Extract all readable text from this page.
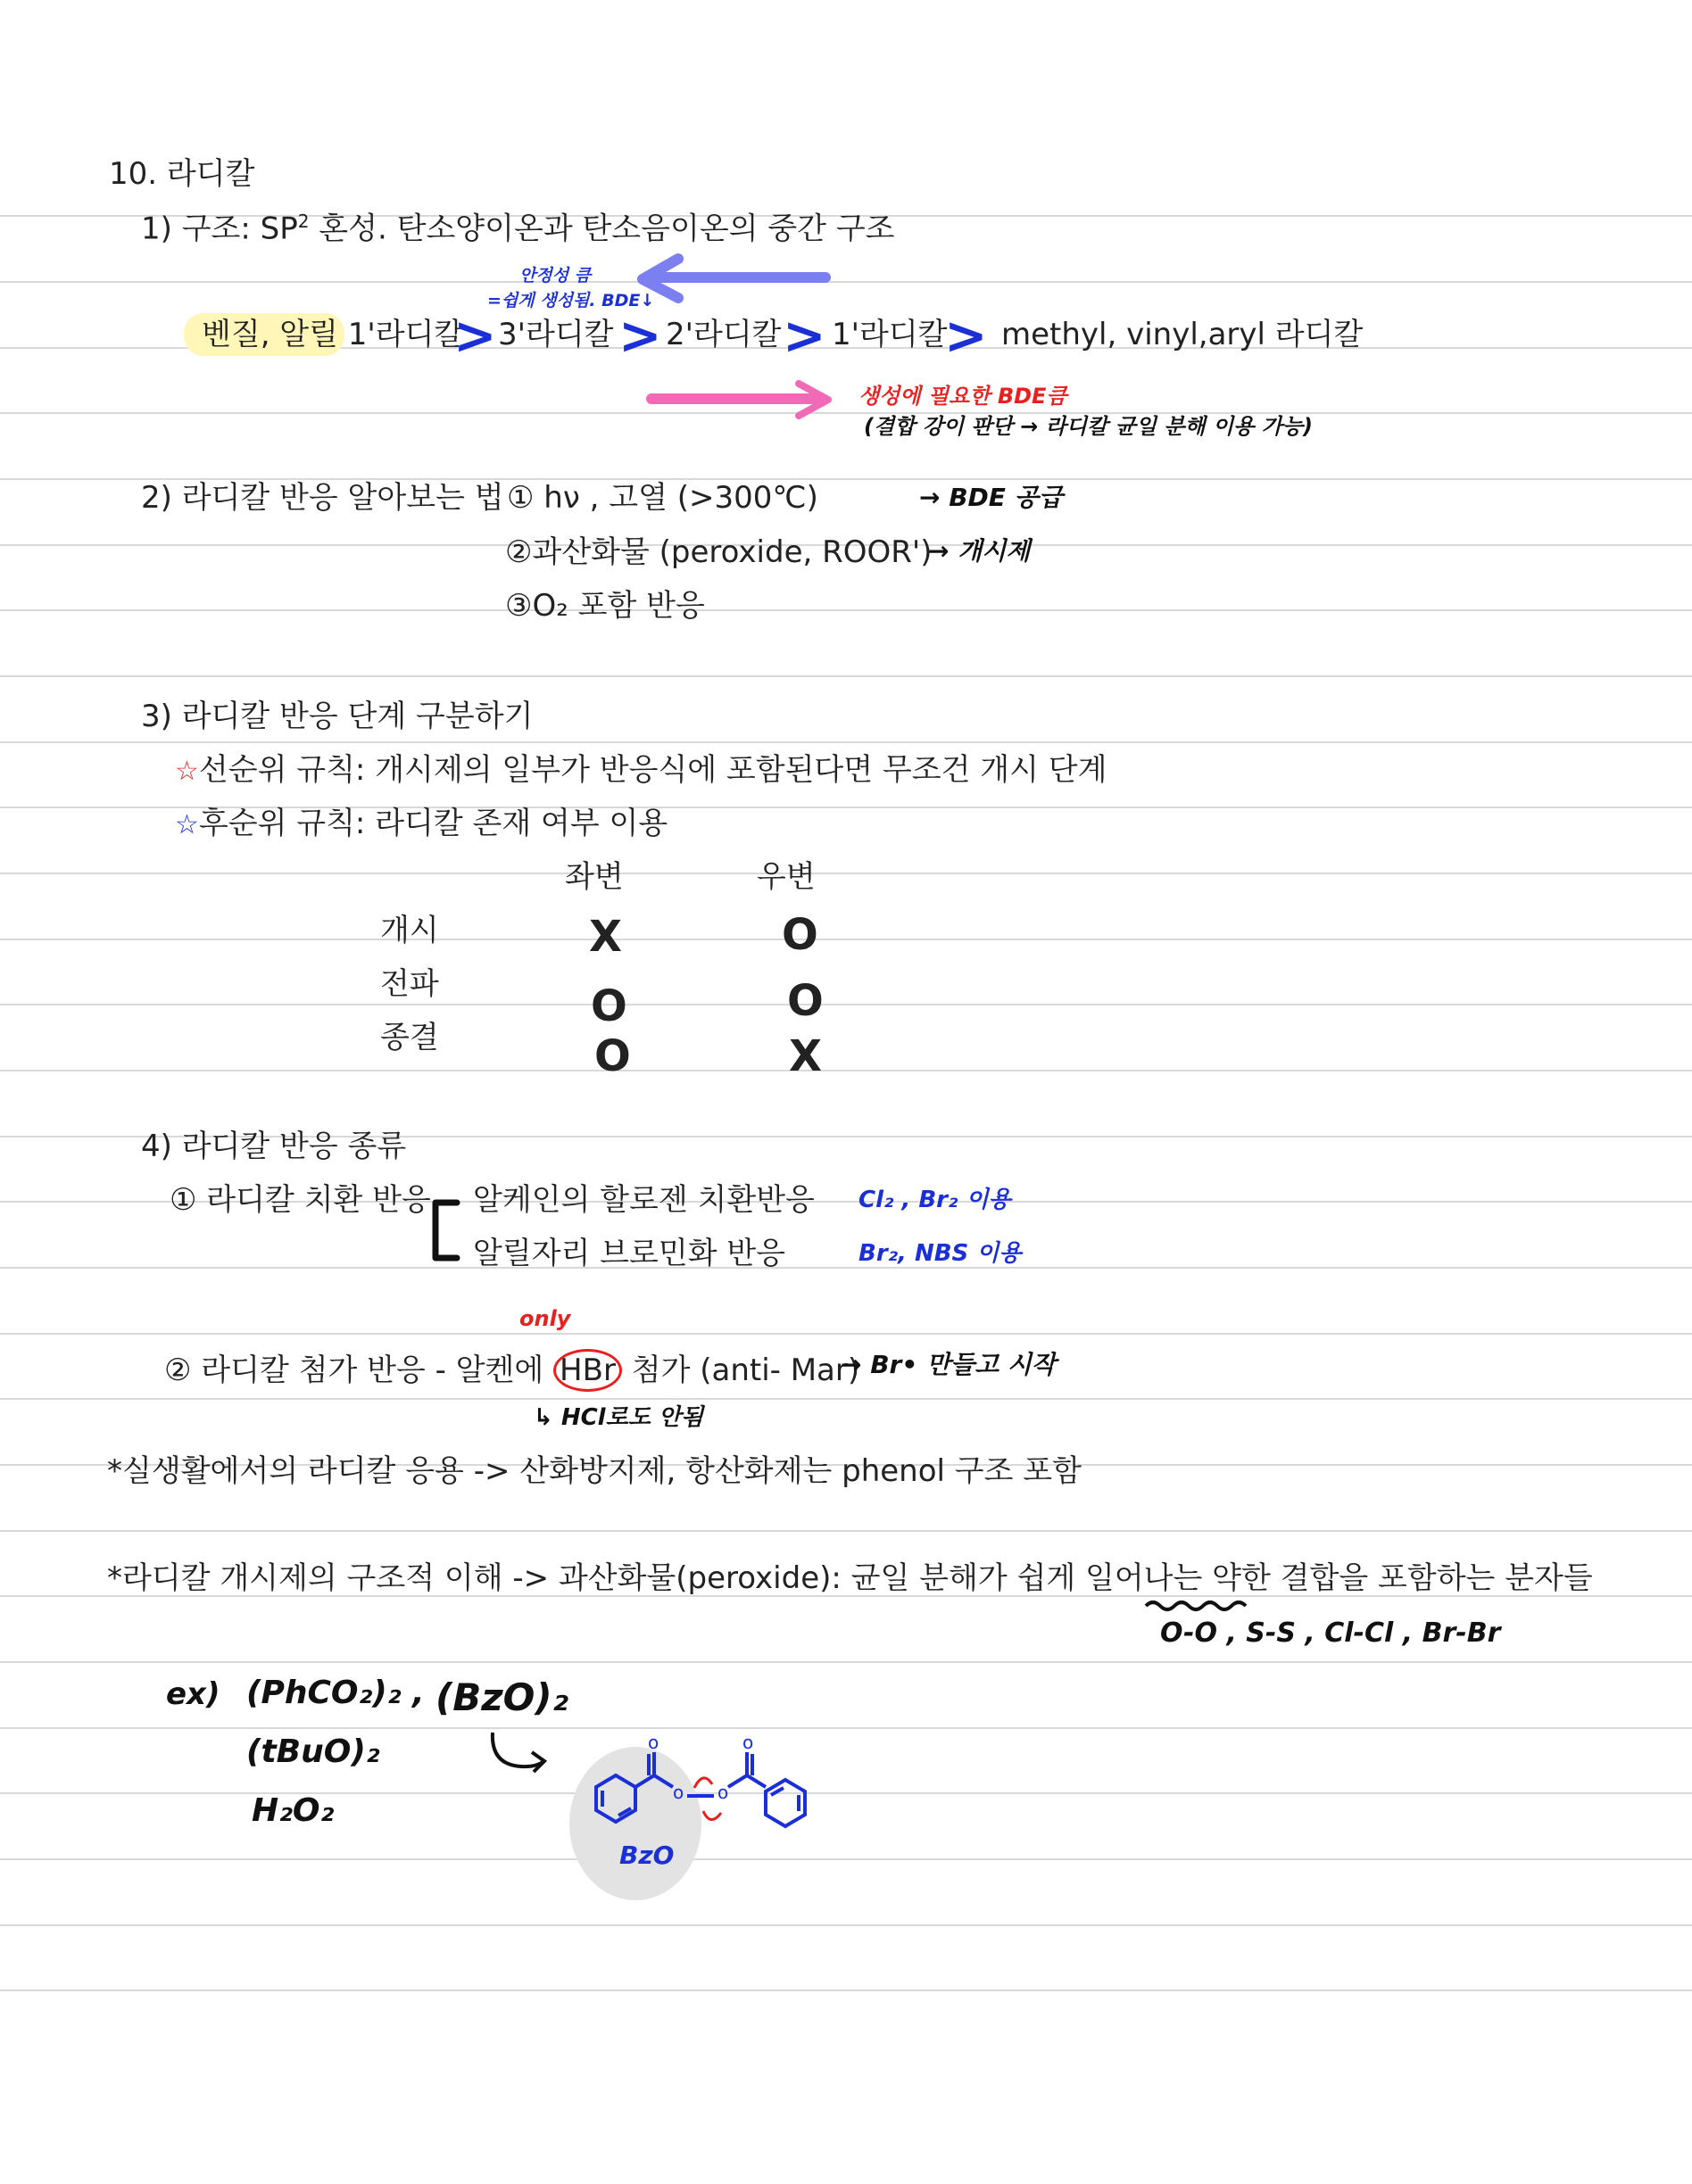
10. 라디칼
1) 구조: $SP^2$ 혼성. 탄소양이온과 탄소음이온의 중간 구조
안정성 큼
=쉽게 생성됨. BDE↓
벤질, 알릴 1'라디칼
> 3'라디칼 > 2'라디칼 > 1'라디칼
> methyl, vinyl,aryl 라디칼
생성에 필요한 BDE큼
(결합 강이 판단 → 라디칼 균일 분해 이용 가능)
2) 라디칼 반응 알아보는 법 ① hν , 고열 (>300℃)	→ BDE 공급
②과산화물 (peroxide, ROOR')
→ 개시제
③O₂ 포함 반응
3) 라디칼 반응 단계 구분하기
☆선순위 규칙: 개시제의 일부가 반응식에 포함된다면 무조건 개시 단계
☆후순위 규칙: 라디칼 존재 여부 이용
좌변	우변
개시	X	O
전파	O	O
종결	O	X
4) 라디칼 반응 종류
① 라디칼 치환 반응 알케인의 할로젠 치환반응 Cl₂ , Br₂ 이용
알릴자리 브로민화 반응	Br₂, NBS 이용
only
② 라디칼 첨가 반응 - 알켄에 HBr 첨가 (anti- Mar)
→ Br• 만들고 시작
↳ HCl로도 안됨
*실생활에서의 라디칼 응용 -> 산화방지제, 항산화제는 phenol 구조 포함
*라디칼 개시제의 구조적 이해 -> 과산화물(peroxide): 균일 분해가 쉽게 일어나는 약한 결합을 포함하는 분자들
O-O , S-S , Cl-Cl , Br-Br
ex) (PhCO₂)₂ , (BzO)₂
(tBuO)₂
H₂O₂	o o
o	o
BzO
